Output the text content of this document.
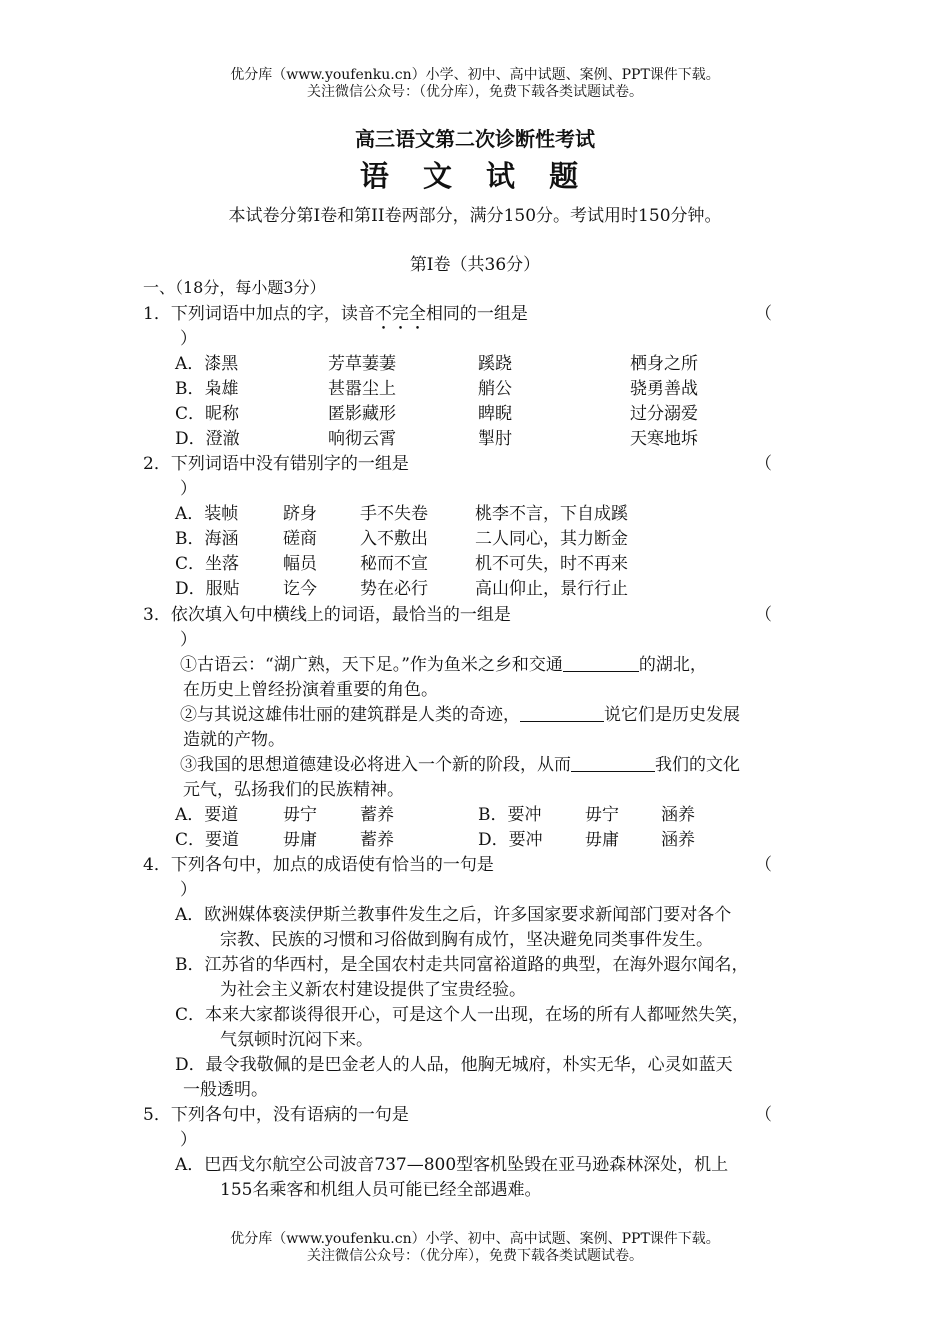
优分库（www.youfenku.cn）小学、初中、高中试题、案例、PPT课件下载。
关注微信公众号：（优分库），免费下载各类试题试卷。
高三语文第二次诊断性考试
语 文 试 题
本试卷分第Ⅰ卷和第II卷两部分，满分150分。考试用时150分钟。
第Ⅰ卷（共36分）
一、（18分，每小题3分）
1．下列词语中加点的字，读音不完全相同的一组是	（
）
A．漆黑	芳草萋萋	蹊跷	栖身之所
B．枭雄	甚嚣尘上	艄公	骁勇善战
C．昵称	匿影藏形	睥睨	过分溺爱
D．澄澈	响彻云霄	掣肘	天寒地坼
2．下列词语中没有错别字的一组是	（
）
A．装帧	跻身	手不失卷	桃李不言，下自成蹊
B．海涵	磋商	入不敷出	二人同心，其力断金
C．坐落	幅员	秘而不宣	机不可失，时不再来
D．服贴	讫今	势在必行	高山仰止，景行行止
3．依次填入句中横线上的词语，最恰当的一组是	（
）
①古语云：“湖广熟，天下足。”作为鱼米之乡和交通	的湖北，
在历史上曾经扮演着重要的角色。
②与其说这雄伟壮丽的建筑群是人类的奇迹，	说它们是历史发展
造就的产物。
③我国的思想道德建设必将进入一个新的阶段，从而	我们的文化
元气，弘扬我们的民族精神。
A．要道	毋宁	蓄养	B．要冲	毋宁 涵养
C．要道	毋庸	蓄养	D．要冲 毋庸 涵养
4．下列各句中，加点的成语使有恰当的一句是	（
）
A．欧洲媒体亵渎伊斯兰教事件发生之后，许多国家要求新闻部门要对各个
宗教、民族的习惯和习俗做到胸有成竹，坚决避免同类事件发生。
B．江苏省的华西村，是全国农村走共同富裕道路的典型，在海外遐尔闻名，
为社会主义新农村建设提供了宝贵经验。
C．本来大家都谈得很开心，可是这个人一出现，在场的所有人都哑然失笑，
气氛顿时沉闷下来。
D．最令我敬佩的是巴金老人的人品，他胸无城府，朴实无华，心灵如蓝天
一般透明。
5．下列各句中，没有语病的一句是	（
）
A．巴西戈尔航空公司波音737—800型客机坠毁在亚马逊森林深处，机上
155名乘客和机组人员可能已经全部遇难。
优分库（www.youfenku.cn）小学、初中、高中试题、案例、PPT课件下载。
关注微信公众号：（优分库），免费下载各类试题试卷。
